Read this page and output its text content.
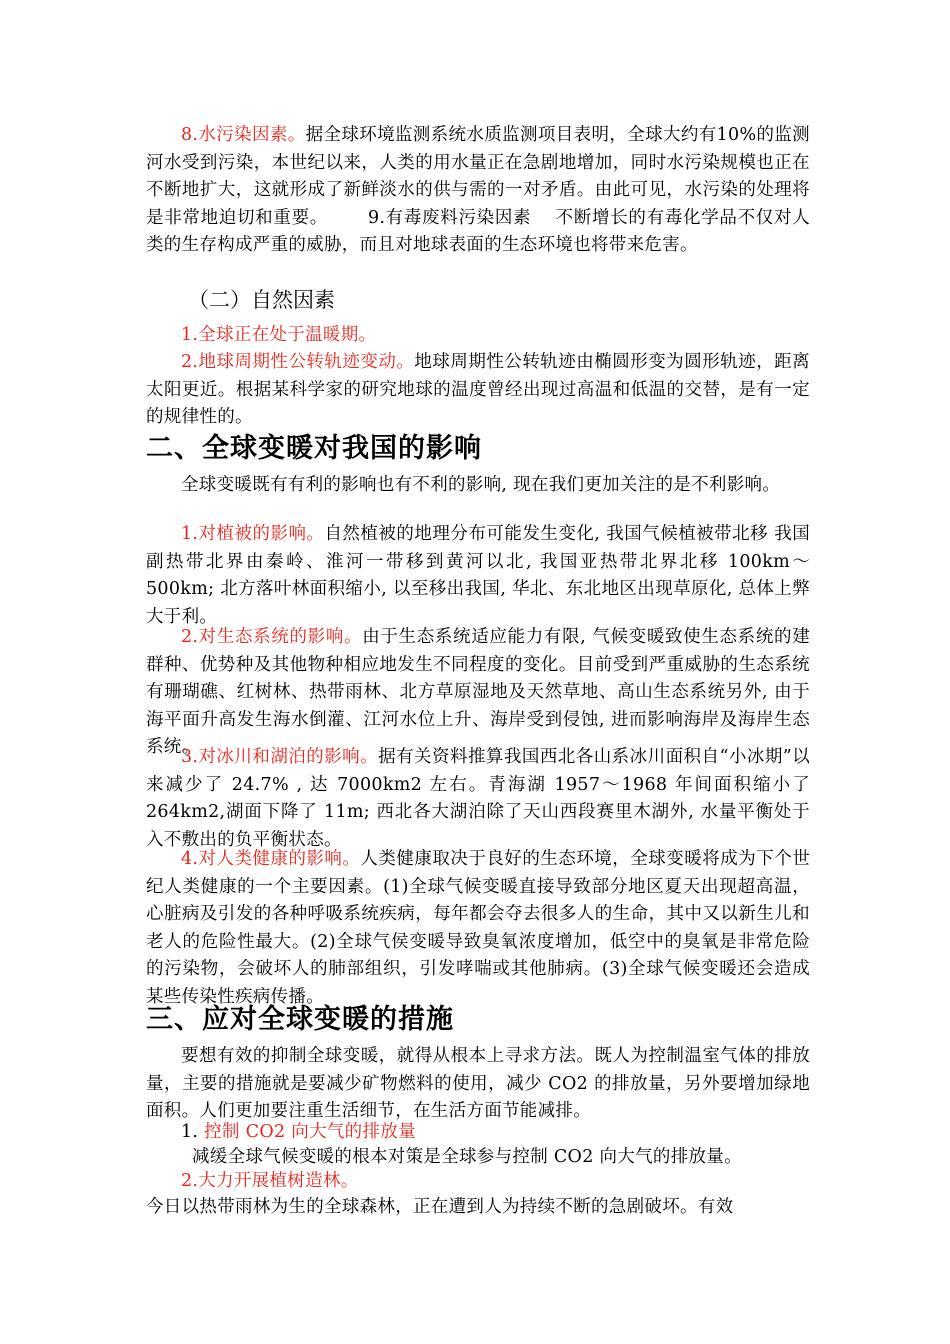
8.水污染因素。据全球环境监测系统水质监测项目表明，全球大约有10%的监测河水受到污染，本世纪以来，人类的用水量正在急剧地增加，同时水污染规模也正在不断地扩大，这就形成了新鲜淡水的供与需的一对矛盾。由此可见，水污染的处理将是非常地迫切和重要。 9.有毒废料污染因素 不断增长的有毒化学品不仅对人类的生存构成严重的威胁，而且对地球表面的生态环境也将带来危害。

（二）自然因素

1.全球正在处于温暖期。

2.地球周期性公转轨迹变动。地球周期性公转轨迹由椭圆形变为圆形轨迹，距离太阳更近。根据某科学家的研究地球的温度曾经出现过高温和低温的交替，是有一定的规律性的。

二、全球变暖对我国的影响

全球变暖既有有利的影响也有不利的影响, 现在我们更加关注的是不利影响。

1.对植被的影响。自然植被的地理分布可能发生变化, 我国气候植被带北移 我国副热带北界由秦岭、淮河一带移到黄河以北, 我国亚热带北界北移 100km～500km; 北方落叶林面积缩小, 以至移出我国, 华北、东北地区出现草原化, 总体上弊大于利。

2.对生态系统的影响。由于生态系统适应能力有限, 气候变暖致使生态系统的建群种、优势种及其他物种相应地发生不同程度的变化。目前受到严重威胁的生态系统有珊瑚礁、红树林、热带雨林、北方草原湿地及天然草地、高山生态系统另外, 由于海平面升高发生海水倒灌、江河水位上升、海岸受到侵蚀, 进而影响海岸及海岸生态系统。

3.对冰川和湖泊的影响。据有关资料推算我国西北各山系冰川面积自“小冰期”以来减少了 24.7% , 达 7000km2 左右。青海湖 1957～1968 年间面积缩小了 264km2,湖面下降了 11m; 西北各大湖泊除了天山西段赛里木湖外, 水量平衡处于入不敷出的负平衡状态。

4.对人类健康的影响。人类健康取决于良好的生态环境，全球变暖将成为下个世纪人类健康的一个主要因素。(1)全球气候变暖直接导致部分地区夏天出现超高温，心脏病及引发的各种呼吸系统疾病，每年都会夺去很多人的生命，其中又以新生儿和老人的危险性最大。(2)全球气侯变暖导致臭氧浓度增加，低空中的臭氧是非常危险的污染物，会破坏人的肺部组织，引发哮喘或其他肺病。(3)全球气候变暖还会造成某些传染性疾病传播。

三、应对全球变暖的措施

要想有效的抑制全球变暖，就得从根本上寻求方法。既人为控制温室气体的排放量，主要的措施就是要减少矿物燃料的使用，减少 CO2 的排放量，另外要增加绿地面积。人们更加要注重生活细节，在生活方面节能减排。

1. 控制 CO2 向大气的排放量

减缓全球气候变暖的根本对策是全球参与控制 CO2 向大气的排放量。

2.大力开展植树造林。

今日以热带雨林为生的全球森林，正在遭到人为持续不断的急剧破坏。有效
